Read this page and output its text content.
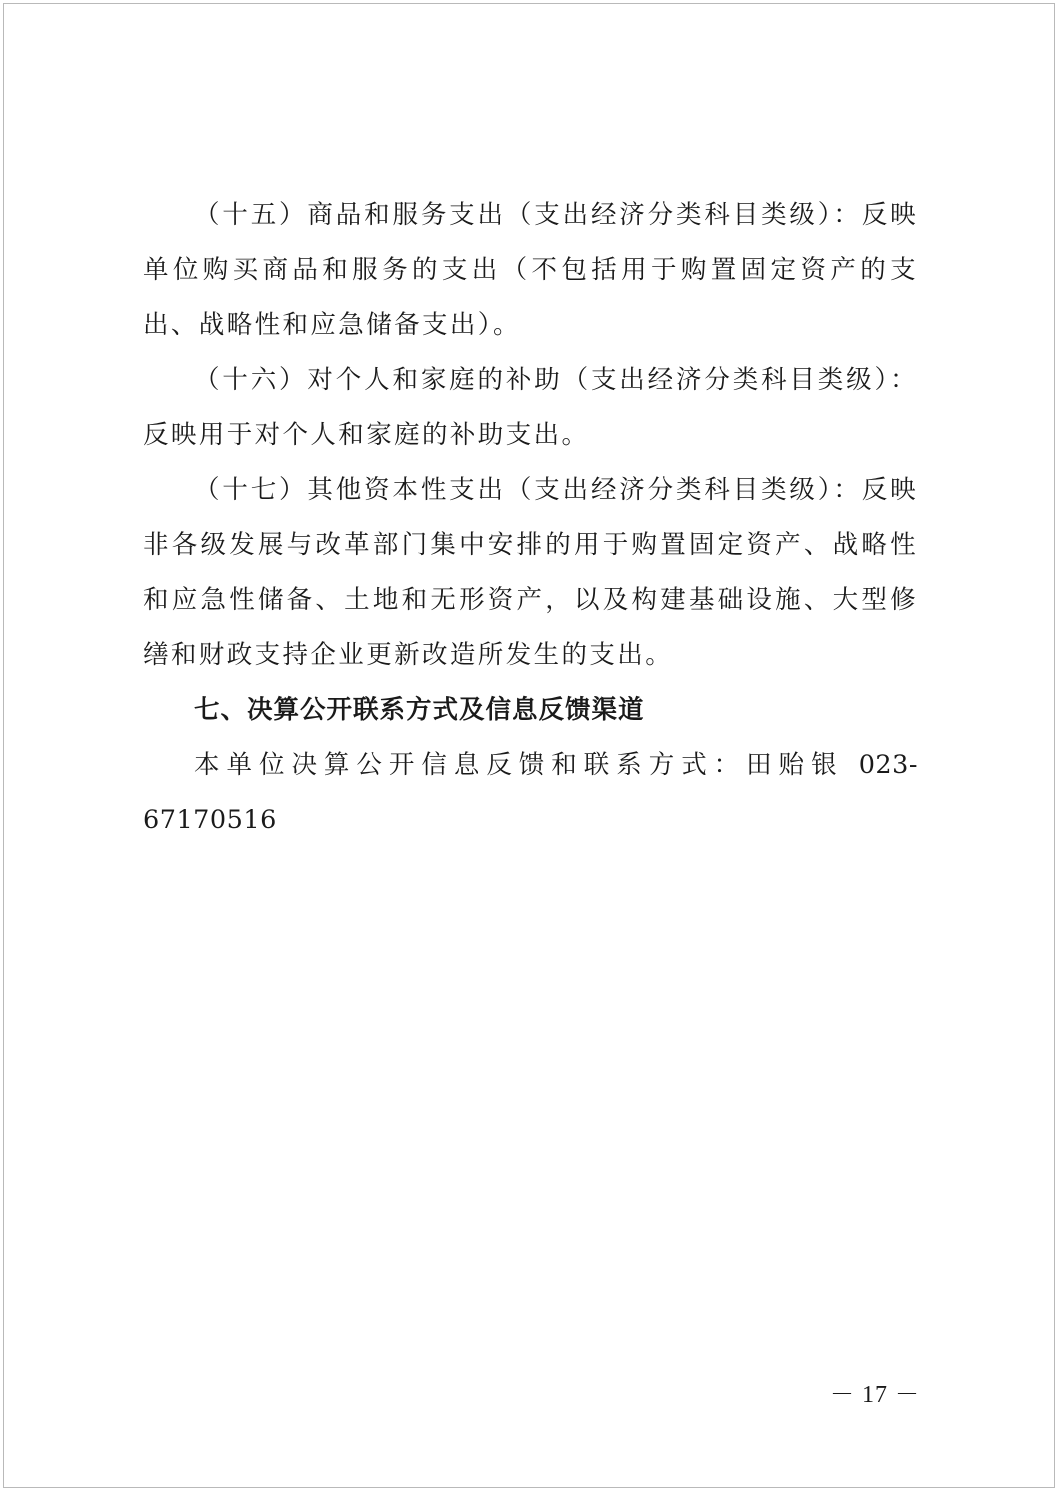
（十五）商品和服务支出（支出经济分类科目类级）：反映单位购买商品和服务的支出（不包括用于购置固定资产的支出、战略性和应急储备支出）。

（十六）对个人和家庭的补助（支出经济分类科目类级）：反映用于对个人和家庭的补助支出。

（十七）其他资本性支出（支出经济分类科目类级）：反映非各级发展与改革部门集中安排的用于购置固定资产、战略性和应急性储备、土地和无形资产，以及构建基础设施、大型修缮和财政支持企业更新改造所发生的支出。

七、决算公开联系方式及信息反馈渠道

本单位决算公开信息反馈和联系方式：田贻银 023-67170516

－ 17 －
